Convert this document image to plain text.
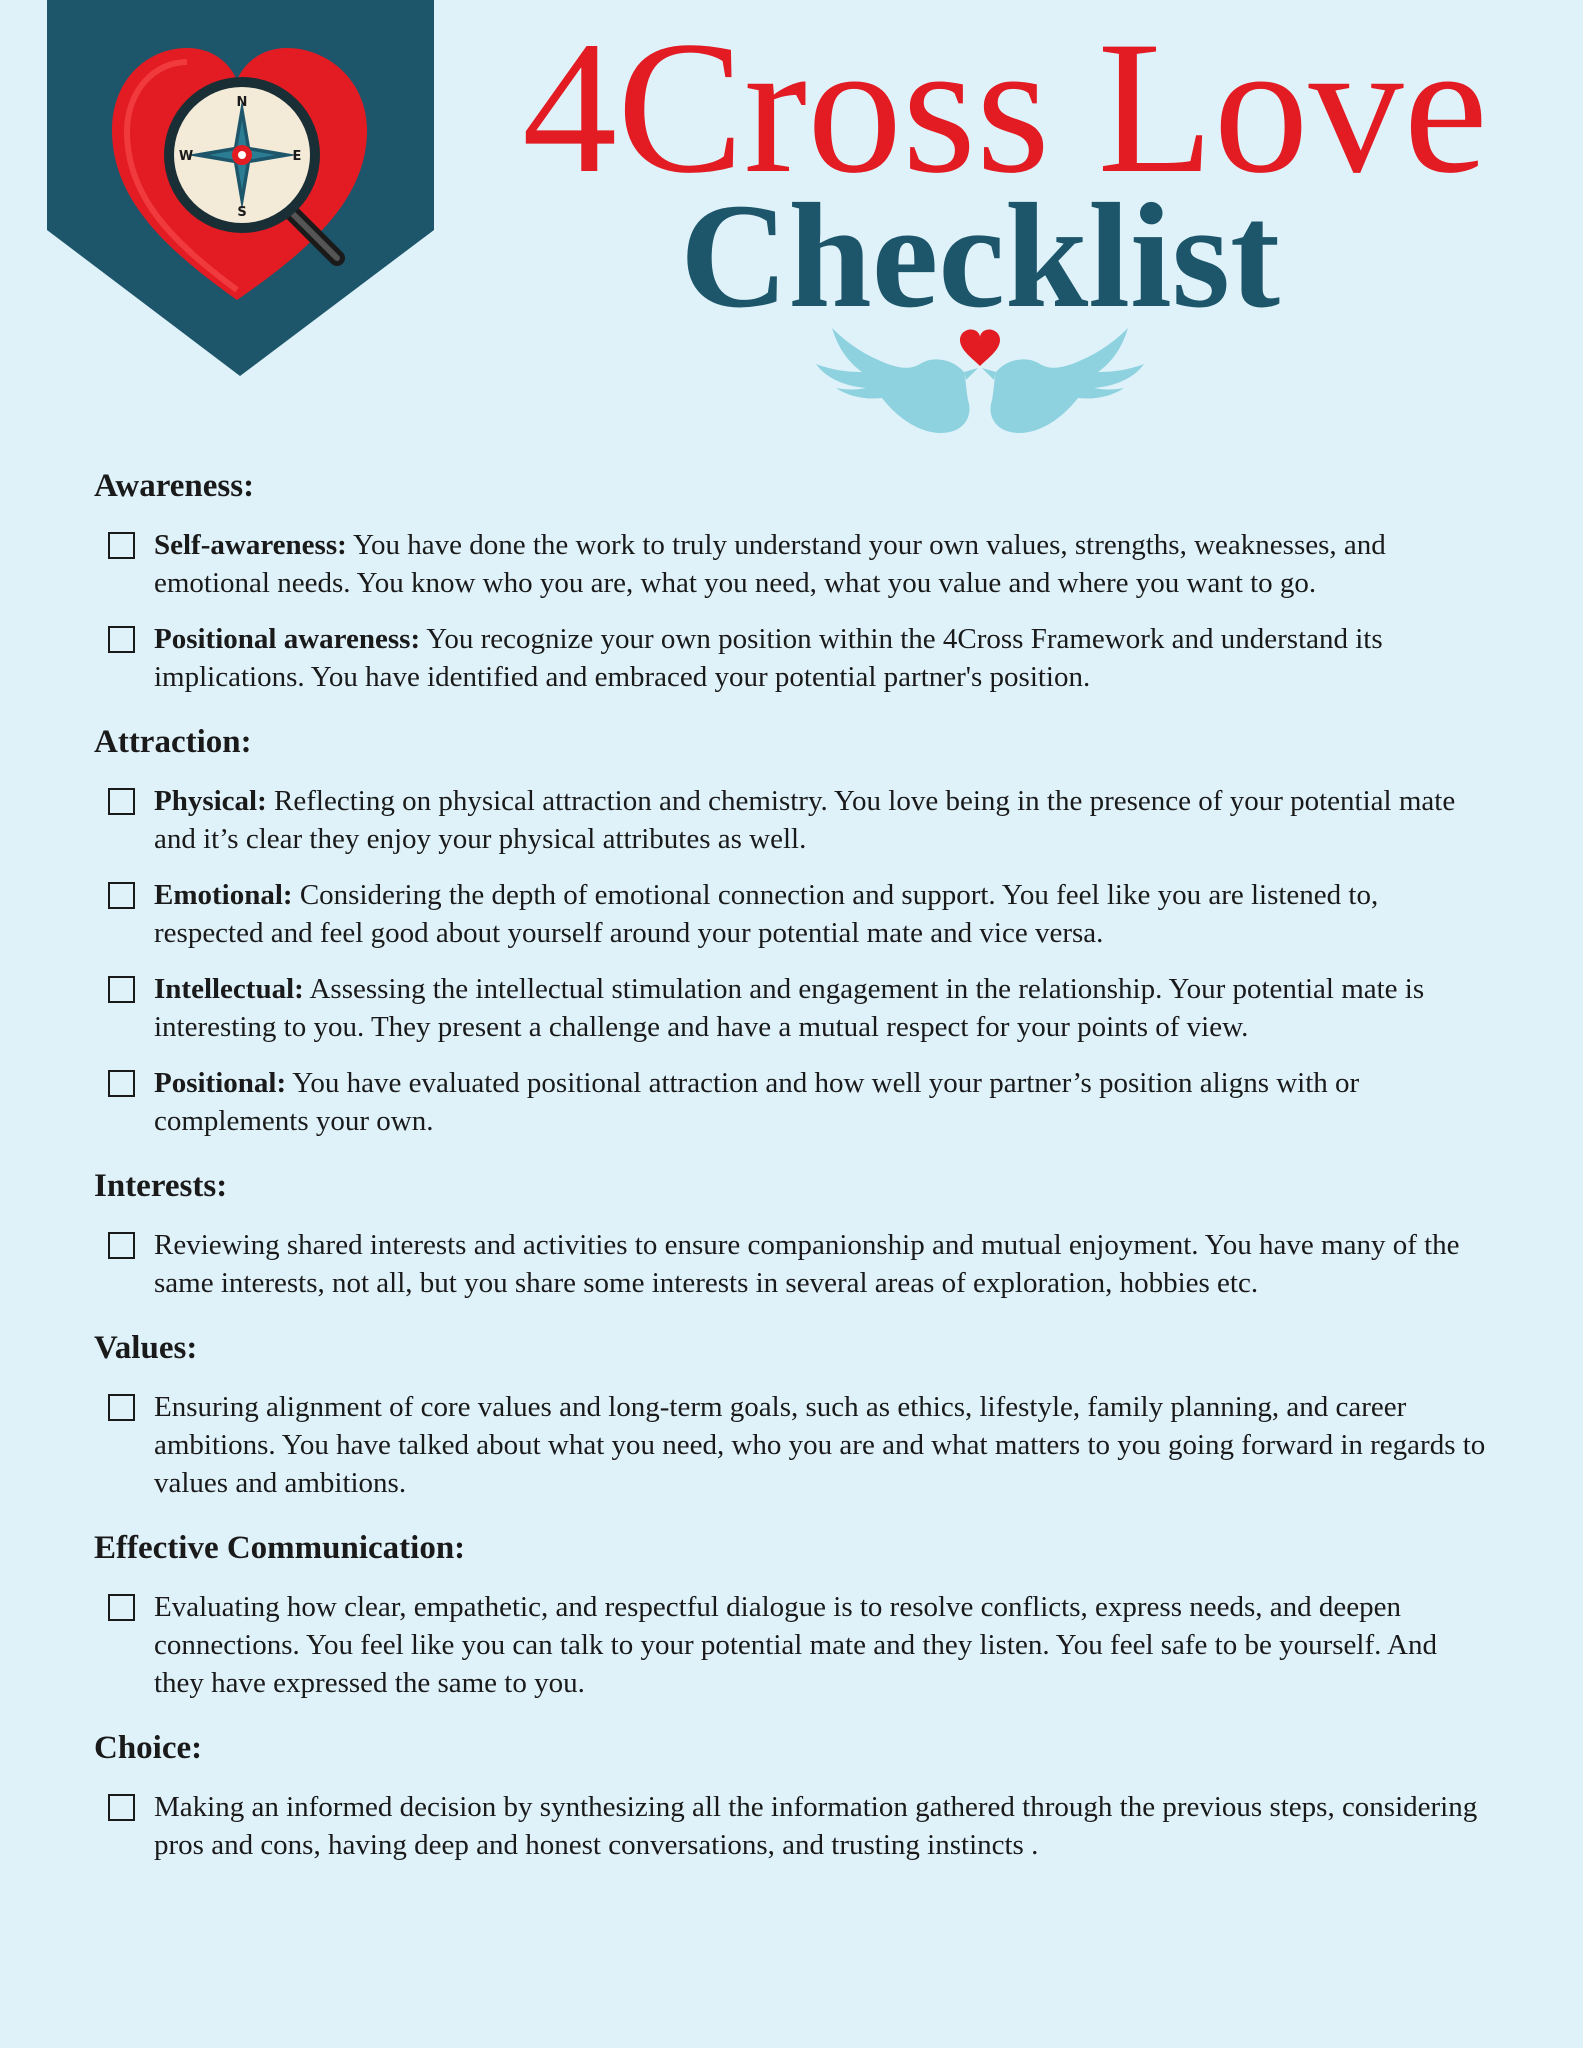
N
S
E
W	4Cross Love
Checklist
Awareness:
Self-awareness: You have done the work to truly understand your own values, strengths, weaknesses, and emotional needs. You know who you are, what you need, what you value and where you want to go.
Positional awareness: You recognize your own position within the 4Cross Framework and understand its implications. You have identified and embraced your potential partner's position.
Attraction:
Physical: Reflecting on physical attraction and chemistry. You love being in the presence of your potential mate and it’s clear they enjoy your physical attributes as well.
Emotional: Considering the depth of emotional connection and support. You feel like you are listened to, respected and feel good about yourself around your potential mate and vice versa.
Intellectual: Assessing the intellectual stimulation and engagement in the relationship. Your potential mate is interesting to you. They present a challenge and have a mutual respect for your points of view.
Positional: You have evaluated positional attraction and how well your partner’s position aligns with or complements your own.
Interests:
Reviewing shared interests and activities to ensure companionship and mutual enjoyment. You have many of the same interests, not all, but you share some interests in several areas of exploration, hobbies etc.
Values:
Ensuring alignment of core values and long-term goals, such as ethics, lifestyle, family planning, and career ambitions. You have talked about what you need, who you are and what matters to you going forward in regards to values and ambitions.
Effective Communication:
Evaluating how clear, empathetic, and respectful dialogue is to resolve conflicts, express needs, and deepen connections. You feel like you can talk to your potential mate and they listen. You feel safe to be yourself. And they have expressed the same to you.
Choice:
Making an informed decision by synthesizing all the information gathered through the previous steps, considering pros and cons, having deep and honest conversations, and trusting instincts .
